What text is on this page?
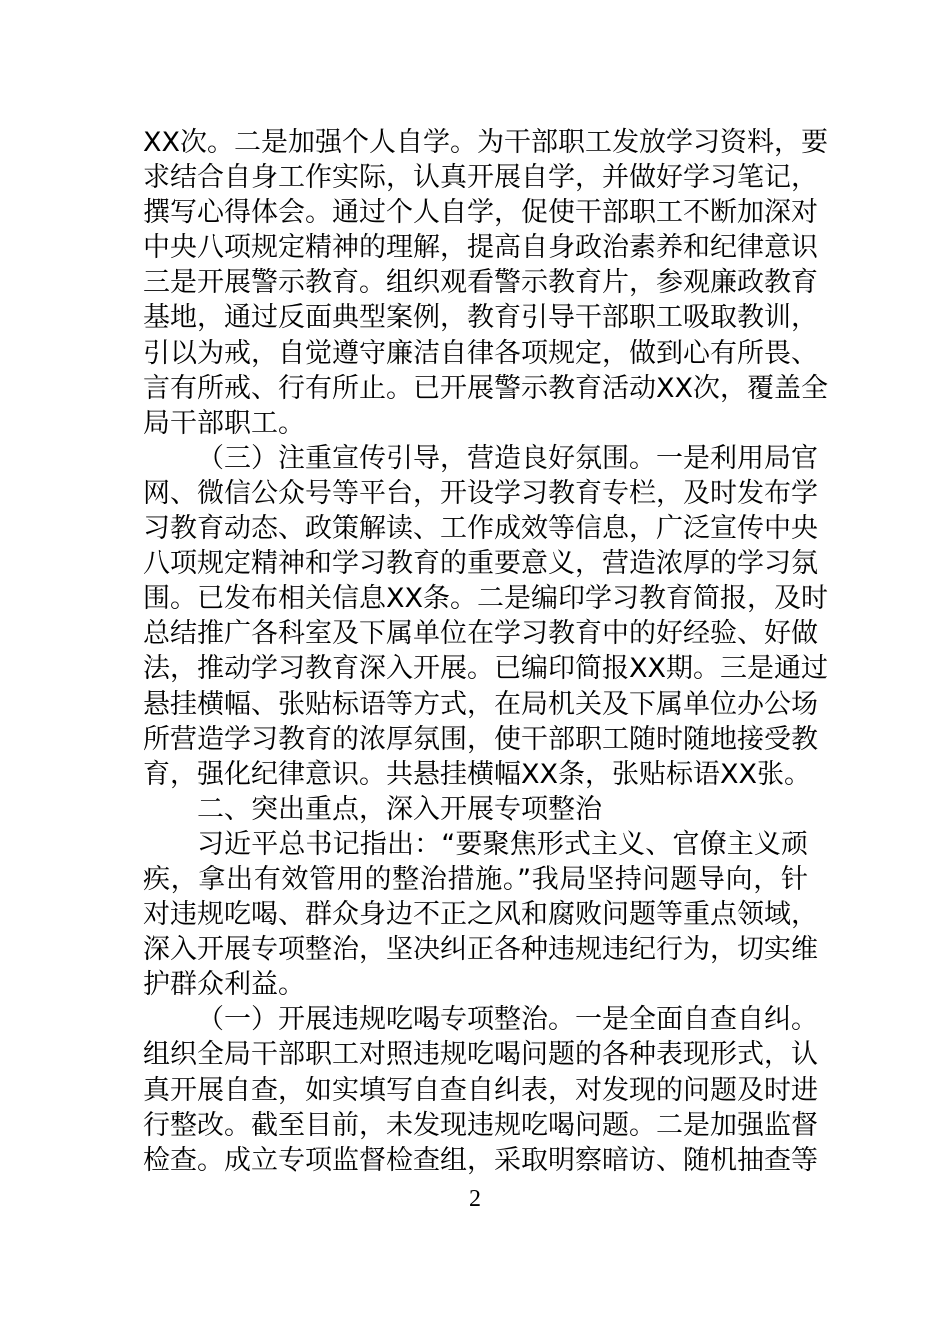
XX次。二是加强个人自学。为干部职工发放学习资料，要
求结合自身工作实际，认真开展自学，并做好学习笔记，
撰写心得体会。通过个人自学，促使干部职工不断加深对
中央八项规定精神的理解，提高自身政治素养和纪律意识
三是开展警示教育。组织观看警示教育片，参观廉政教育
基地，通过反面典型案例，教育引导干部职工吸取教训，
引以为戒，自觉遵守廉洁自律各项规定，做到心有所畏、
言有所戒、行有所止。已开展警示教育活动XX次，覆盖全
局干部职工。
（三）注重宣传引导，营造良好氛围。一是利用局官
网、微信公众号等平台，开设学习教育专栏，及时发布学
习教育动态、政策解读、工作成效等信息，广泛宣传中央
八项规定精神和学习教育的重要意义，营造浓厚的学习氛
围。已发布相关信息XX条。二是编印学习教育简报，及时
总结推广各科室及下属单位在学习教育中的好经验、好做
法，推动学习教育深入开展。已编印简报XX期。三是通过
悬挂横幅、张贴标语等方式，在局机关及下属单位办公场
所营造学习教育的浓厚氛围，使干部职工随时随地接受教
育，强化纪律意识。共悬挂横幅XX条，张贴标语XX张。
二、突出重点，深入开展专项整治
习近平总书记指出：“要聚焦形式主义、官僚主义顽
疾，拿出有效管用的整治措施。”我局坚持问题导向，针
对违规吃喝、群众身边不正之风和腐败问题等重点领域，
深入开展专项整治，坚决纠正各种违规违纪行为，切实维
护群众利益。
（一）开展违规吃喝专项整治。一是全面自查自纠。
组织全局干部职工对照违规吃喝问题的各种表现形式，认
真开展自查，如实填写自查自纠表，对发现的问题及时进
行整改。截至目前，未发现违规吃喝问题。二是加强监督
检查。成立专项监督检查组，采取明察暗访、随机抽查等
2
